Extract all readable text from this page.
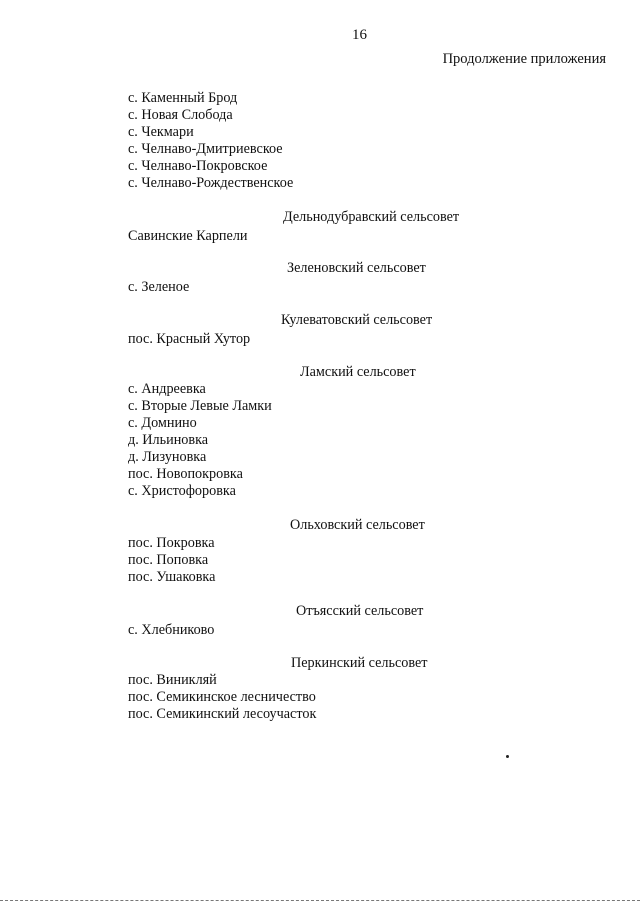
16
Продолжение приложения
с. Каменный Брод
с. Новая Слобода
с. Чекмари
с. Челнаво-Дмитриевское
с. Челнаво-Покровское
с. Челнаво-Рождественское
Дельнодубравский сельсовет
Савинские Карпели
Зеленовский сельсовет
с. Зеленое
Кулеватовский сельсовет
пос. Красный Хутор
Ламский сельсовет
с. Андреевка
с. Вторые Левые Ламки
с. Домнино
д. Ильиновка
д. Лизуновка
пос. Новопокровка
с. Христофоровка
Ольховский сельсовет
пос. Покровка
пос. Поповка
пос. Ушаковка
Отъясский сельсовет
с. Хлебниково
Перкинский сельсовет
пос. Виникляй
пос. Семикинское лесничество
пос. Семикинский лесоучасток
